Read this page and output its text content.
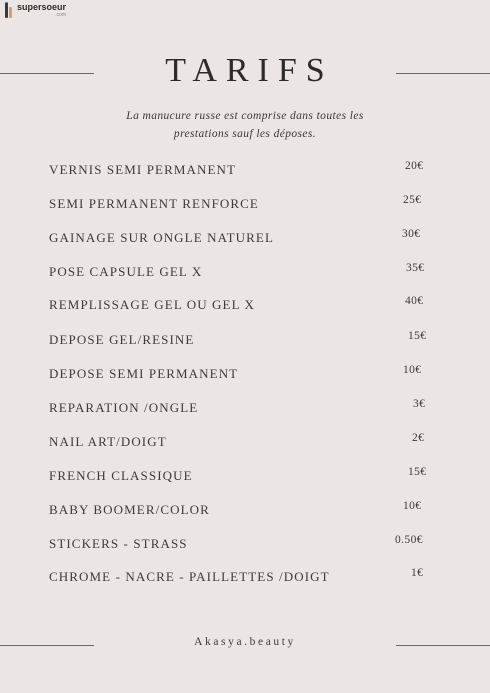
supersoeur
.com
TARIFS
La manucure russe est comprise dans toutes les
prestations sauf les déposes.
VERNIS SEMI PERMANENT	20€
SEMI PERMANENT RENFORCE	25€
GAINAGE SUR ONGLE NATUREL	30€
POSE CAPSULE GEL X	35€
REMPLISSAGE GEL OU GEL X	40€
DEPOSE GEL/RESINE	15€
DEPOSE SEMI PERMANENT	10€
REPARATION /ONGLE	3€
NAIL ART/DOIGT	2€
FRENCH CLASSIQUE	15€
BABY BOOMER/COLOR	10€
STICKERS - STRASS	0.50€
CHROME - NACRE - PAILLETTES /DOIGT	1€
Akasya.beauty
